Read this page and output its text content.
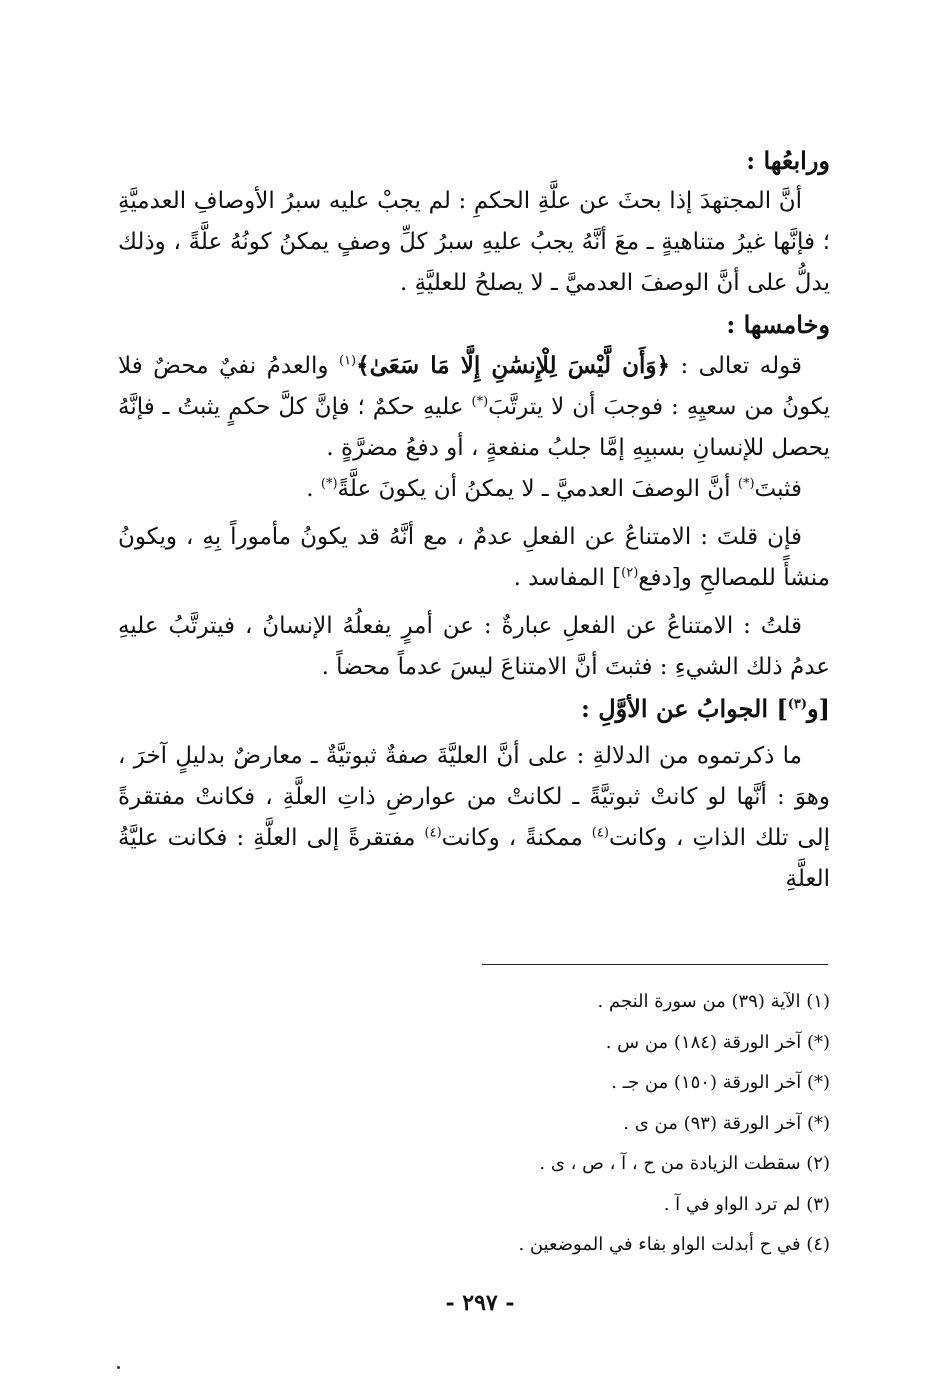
ورابعُها :

أنَّ المجتهدَ إذا بحثَ عن علَّةِ الحكمِ : لم يجبْ عليه سبرُ الأوصافِ العدميَّةِ ؛ فإنَّها غيرُ متناهيةٍ ـ معَ أنَّهُ يجبُ عليهِ سبرُ كلِّ وصفٍ يمكنُ كونُهُ علَّةً ، وذلك يدلُّ على أنَّ الوصفَ العدميَّ ـ لا يصلحُ للعليَّةِ .

وخامسها :

قوله تعالى : ﴿وَأَن لَّيْسَ لِلْإِنسَٰنِ إِلَّا مَا سَعَىٰ﴾$^{(١)}$ والعدمُ نفيٌ محضٌ فلا يكونُ من سعيِهِ : فوجبَ أن لا يترتَّبَ(*) عليهِ حكمٌ ؛ فإنَّ كلَّ حكمٍ يثبتُ ـ فإنَّهُ يحصل للإنسانِ بسببِهِ إمَّا جلبُ منفعةٍ ، أو دفعُ مضرَّةٍ .

فثبتَ(*) أنَّ الوصفَ العدميَّ ـ لا يمكنُ أن يكونَ علَّةً(*) .

فإن قلتَ : الامتناعُ عن الفعلِ عدمٌ ، مع أنَّهُ قد يكونُ مأموراً بِهِ ، ويكونُ منشأً للمصالحِ و[دفع$^{(٢)}$] المفاسد .

قلتُ : الامتناعُ عن الفعلِ عبارةٌ : عن أمرٍ يفعلُهُ الإنسانُ ، فيترتَّبُ عليهِ عدمُ ذلك الشيءِ : فثبتَ أنَّ الامتناعَ ليسَ عدماً محضاً .

[و$^{(٣)}$] الجوابُ عن الأوَّلِ :

ما ذكرتموه من الدلالةِ : على أنَّ العليَّةَ صفةٌ ثبوتيَّةٌ ـ معارضٌ بدليلٍ آخرَ ، وهوَ : أنَّها لو كانتْ ثبوتيَّةً ـ لكانتْ من عوارضِ ذاتِ العلَّةِ ، فكانتْ مفتقرةً إلى تلك الذاتِ ، وكانت$^{(٤)}$ ممكنةً ، وكانت$^{(٤)}$ مفتقرةً إلى العلَّةِ : فكانت عليَّةُ العلَّةِ

(١) الآية (٣٩) من سورة النجم .

(*) آخر الورقة (١٨٤) من س .

(*) آخر الورقة (١٥٠) من جـ .

(*) آخر الورقة (٩٣) من ى .

(٢) سقطت الزيادة من ح ، آ ، ص ، ى .

(٣) لم ترد الواو في آ .

(٤) في ح أبدلت الواو بفاء في الموضعين .

- ٢٩٧ -
